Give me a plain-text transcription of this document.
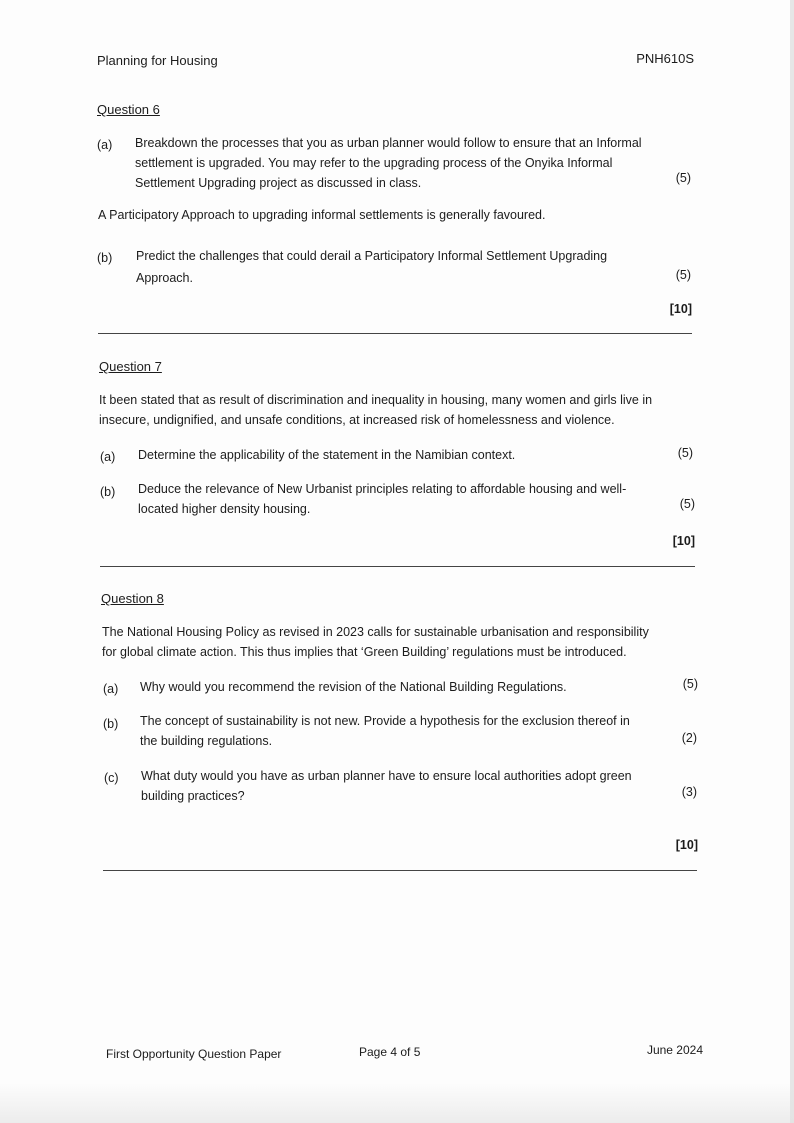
Planning for Housing	PNH610S
Question 6
(a) Breakdown the processes that you as urban planner would follow to ensure that an Informal
settlement is upgraded. You may refer to the upgrading process of the Onyika Informal
Settlement Upgrading project as discussed in class.	(5)
A Participatory Approach to upgrading informal settlements is generally favoured.
(b) Predict the challenges that could derail a Participatory Informal Settlement Upgrading
Approach.	(5)
[10]
Question 7
It been stated that as result of discrimination and inequality in housing, many women and girls live in
insecure, undignified, and unsafe conditions, at increased risk of homelessness and violence.
(a) Determine the applicability of the statement in the Namibian context.	(5)
(b) Deduce the relevance of New Urbanist principles relating to affordable housing and well-
located higher density housing.	(5)
[10]
Question 8
The National Housing Policy as revised in 2023 calls for sustainable urbanisation and responsibility
for global climate action. This thus implies that ‘Green Building’ regulations must be introduced.
(a) Why would you recommend the revision of the National Building Regulations.	(5)
(b) The concept of sustainability is not new. Provide a hypothesis for the exclusion thereof in
the building regulations.	(2)
(c) What duty would you have as urban planner have to ensure local authorities adopt green
building practices?	(3)
[10]
First Opportunity Question Paper	Page 4 of 5	June 2024
